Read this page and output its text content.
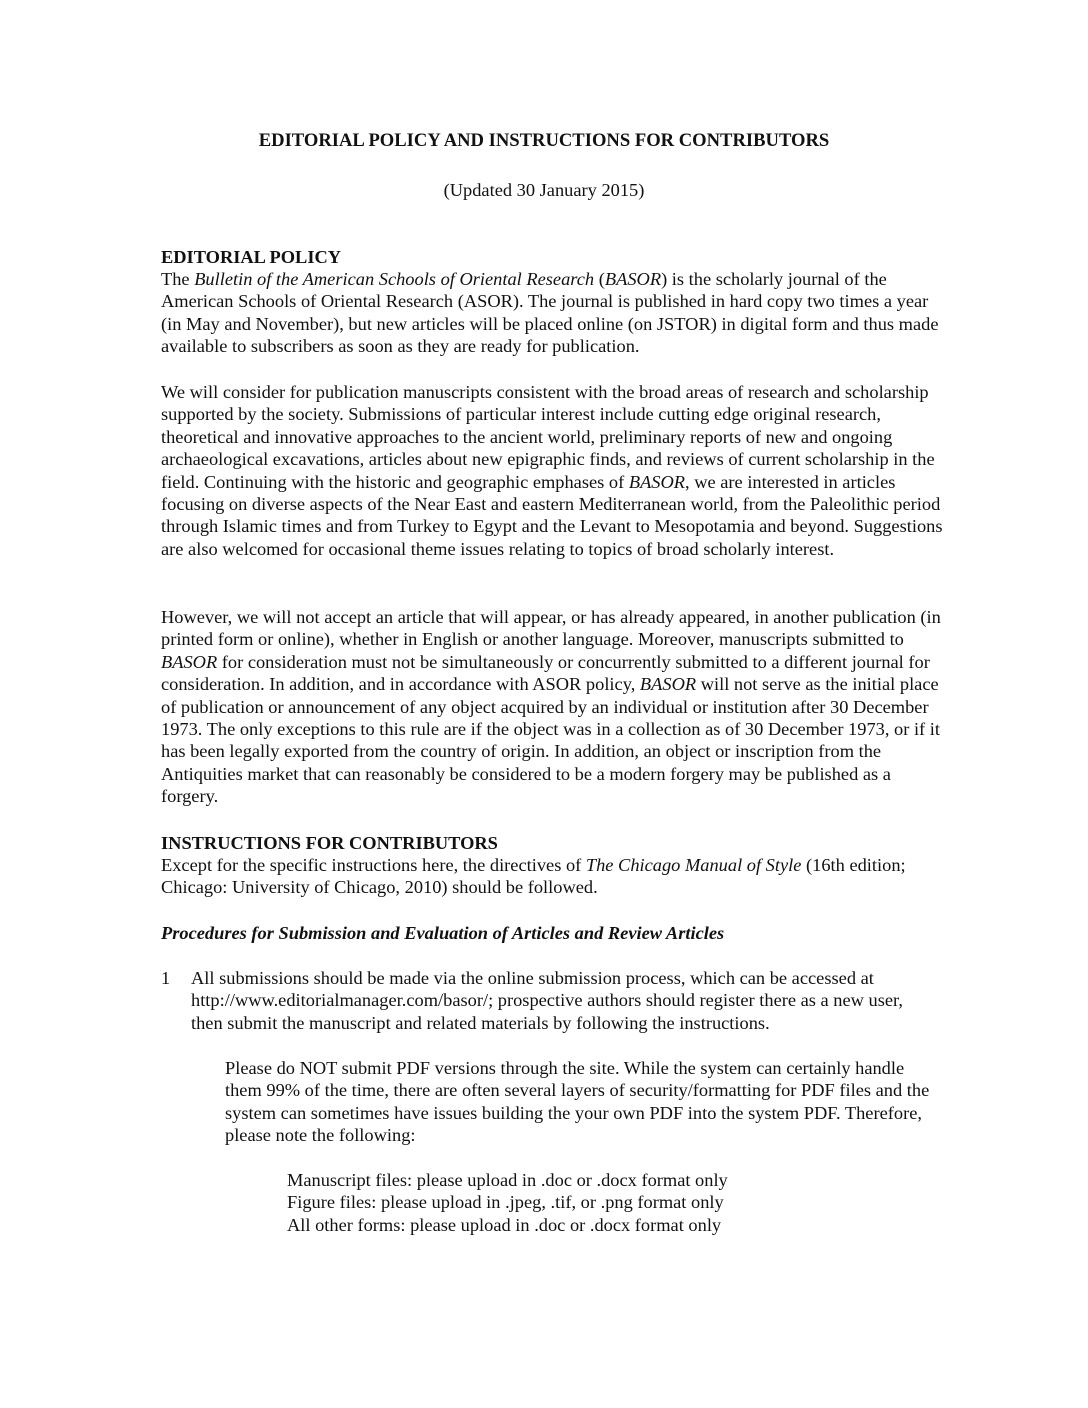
EDITORIAL POLICY AND INSTRUCTIONS FOR CONTRIBUTORS

(Updated 30 January 2015)

EDITORIAL POLICY
The Bulletin of the American Schools of Oriental Research (BASOR) is the scholarly journal of the American Schools of Oriental Research (ASOR). The journal is published in hard copy two times a year (in May and November), but new articles will be placed online (on JSTOR) in digital form and thus made available to subscribers as soon as they are ready for publication.
We will consider for publication manuscripts consistent with the broad areas of research and scholarship supported by the society. Submissions of particular interest include cutting edge original research, theoretical and innovative approaches to the ancient world, preliminary reports of new and ongoing archaeological excavations, articles about new epigraphic finds, and reviews of current scholarship in the field. Continuing with the historic and geographic emphases of BASOR, we are interested in articles focusing on diverse aspects of the Near East and eastern Mediterranean world, from the Paleolithic period through Islamic times and from Turkey to Egypt and the Levant to Mesopotamia and beyond. Suggestions are also welcomed for occasional theme issues relating to topics of broad scholarly interest.
However, we will not accept an article that will appear, or has already appeared, in another publication (in printed form or online), whether in English or another language. Moreover, manuscripts submitted to BASOR for consideration must not be simultaneously or concurrently submitted to a different journal for consideration. In addition, and in accordance with ASOR policy, BASOR will not serve as the initial place of publication or announcement of any object acquired by an individual or institution after 30 December 1973. The only exceptions to this rule are if the object was in a collection as of 30 December 1973, or if it has been legally exported from the country of origin. In addition, an object or inscription from the Antiquities market that can reasonably be considered to be a modern forgery may be published as a forgery.
INSTRUCTIONS FOR CONTRIBUTORS
Except for the specific instructions here, the directives of The Chicago Manual of Style (16th edition; Chicago: University of Chicago, 2010) should be followed.
Procedures for Submission and Evaluation of Articles and Review Articles
1 All submissions should be made via the online submission process, which can be accessed at http://www.editorialmanager.com/basor/; prospective authors should register there as a new user, then submit the manuscript and related materials by following the instructions.
Please do NOT submit PDF versions through the site. While the system can certainly handle them 99% of the time, there are often several layers of security/formatting for PDF files and the system can sometimes have issues building the your own PDF into the system PDF. Therefore, please note the following:
Manuscript files: please upload in .doc or .docx format only
Figure files: please upload in .jpeg, .tif, or .png format only
All other forms: please upload in .doc or .docx format only
